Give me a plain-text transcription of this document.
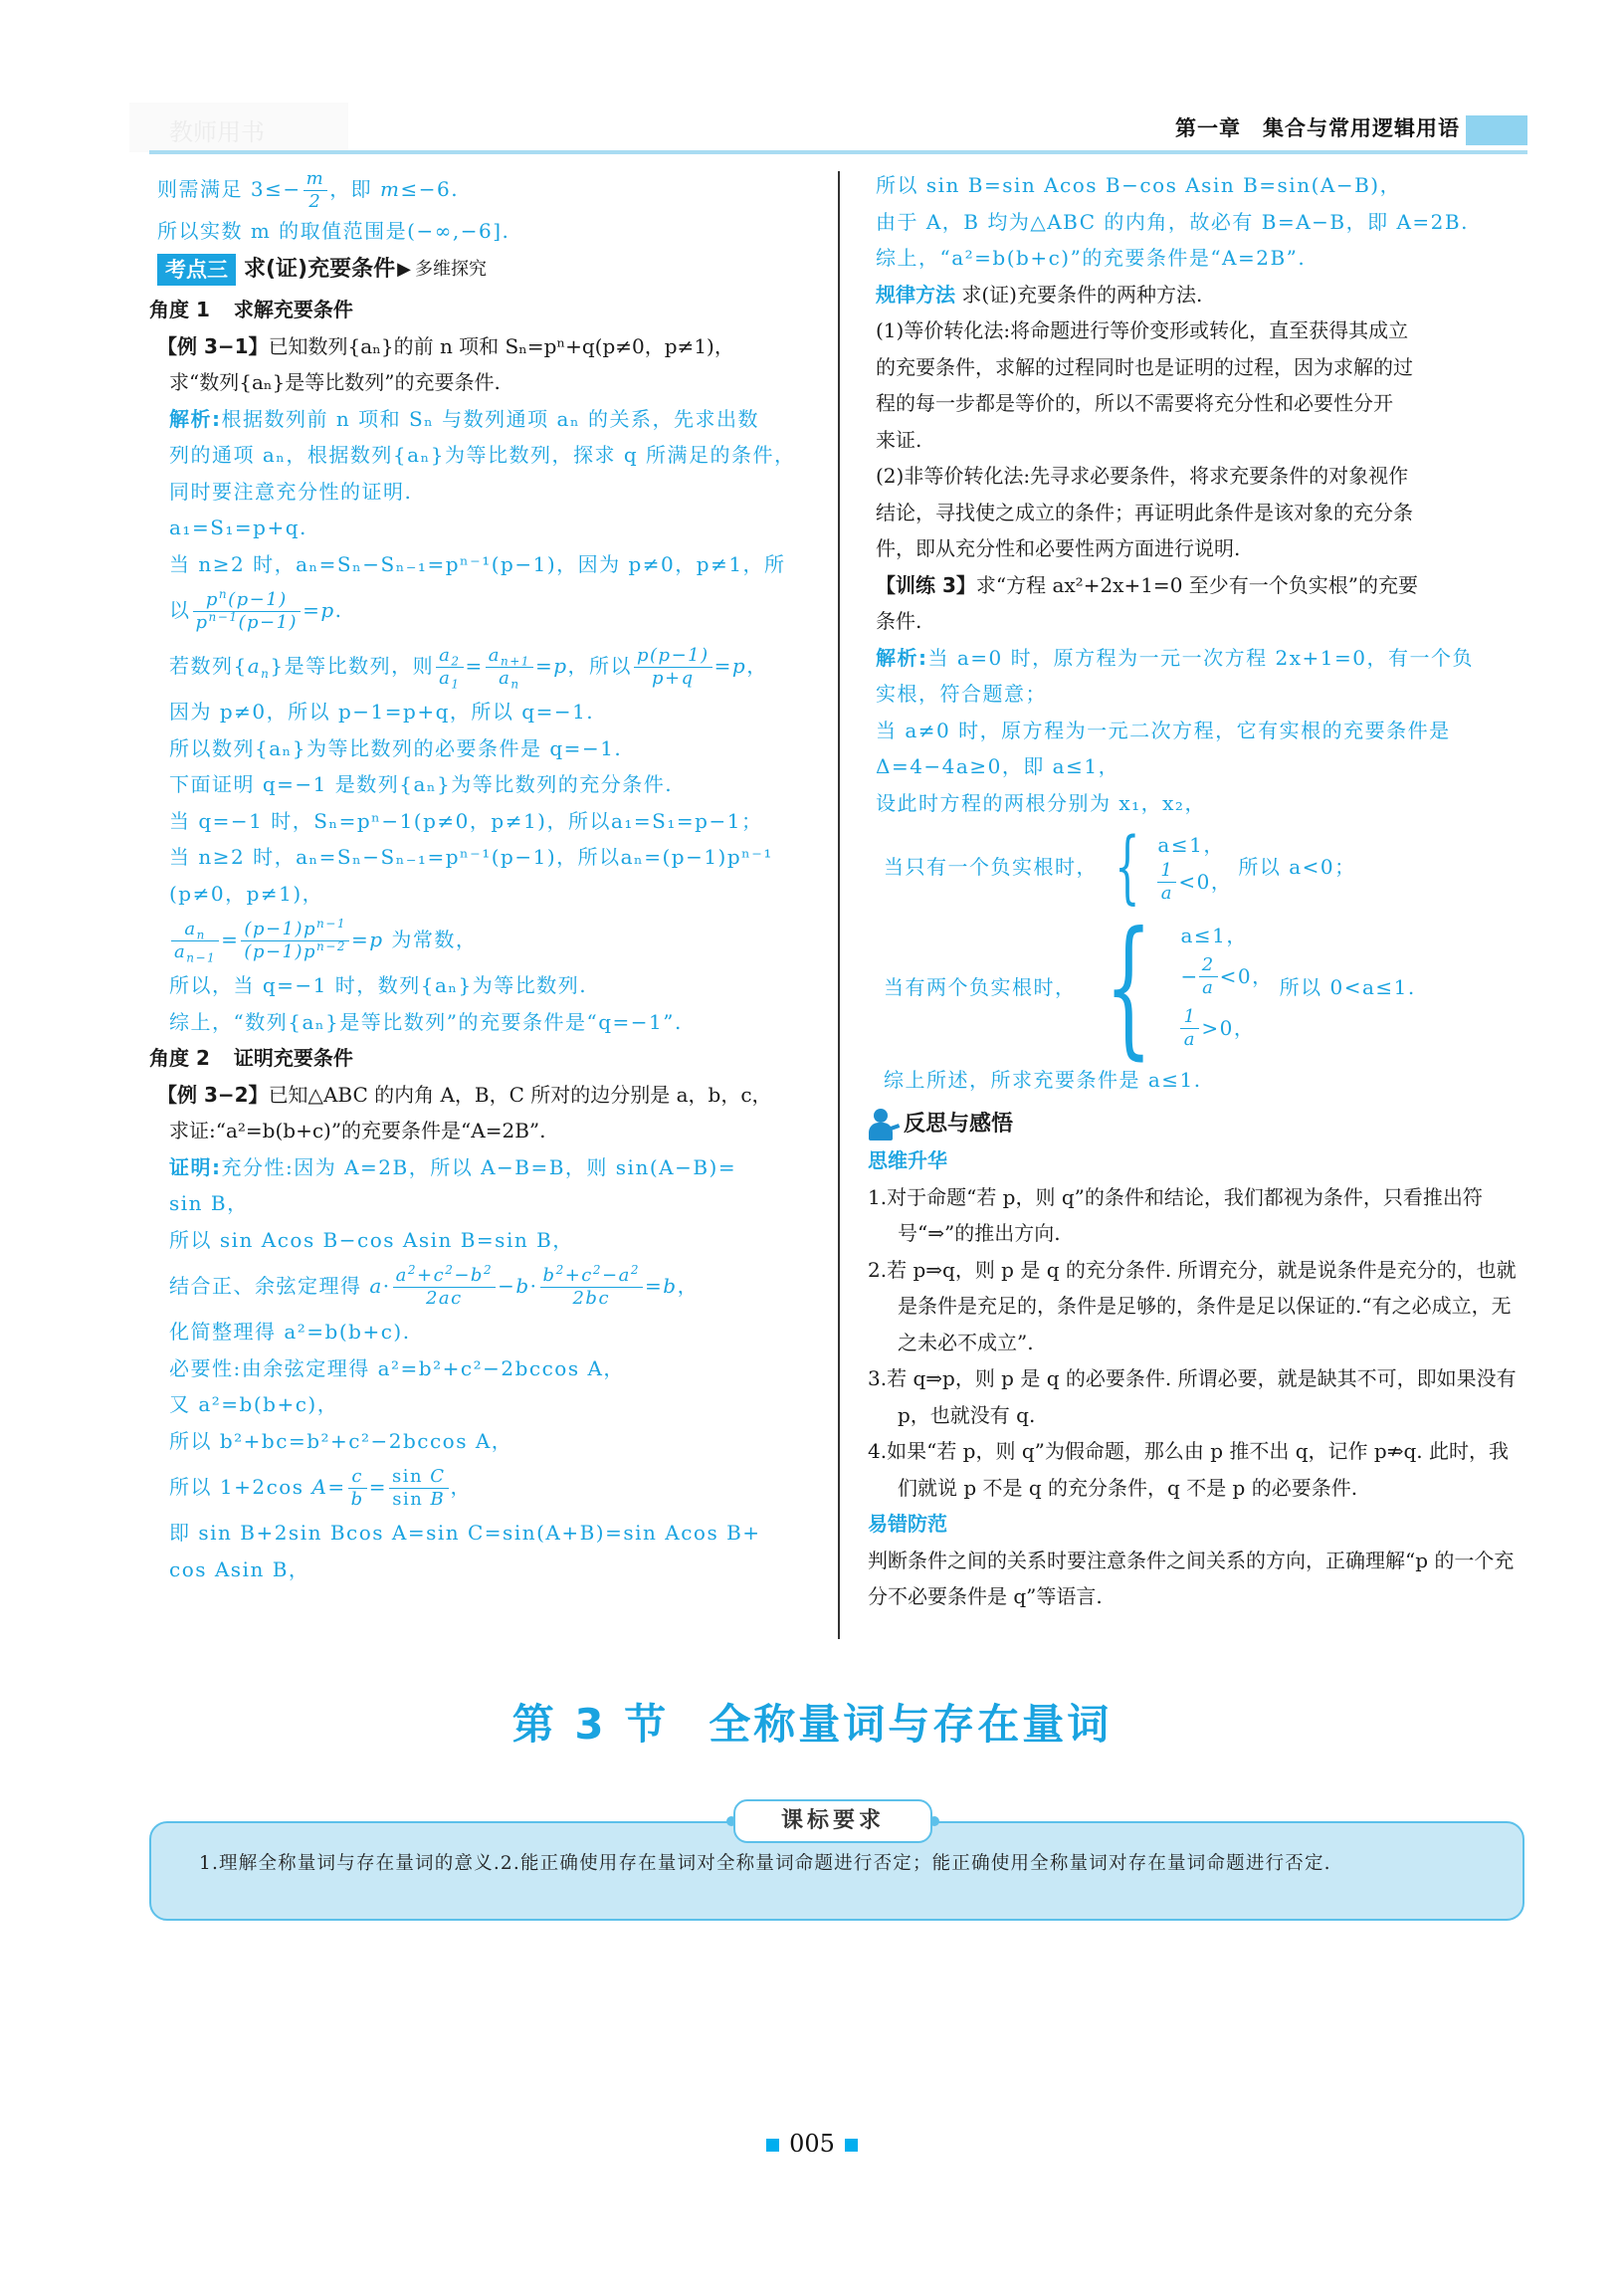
教师用书	第一章 集合与常用逻辑用语
则需满足 $3\le- \frac{m}{2}$ ，即 m≤−6.
所以实数 m 的取值范围是(−∞,−6].
考点三 求(证)充要条件 ▶ 多维探究
角度 1 求解充要条件
【例 3−1】已知数列{aₙ}的前 n 项和 Sₙ=pⁿ+q(p≠0，p≠1)，
求“数列{aₙ}是等比数列”的充要条件.
解析:根据数列前 n 项和 Sₙ 与数列通项 aₙ 的关系，先求出数
列的通项 aₙ，根据数列{aₙ}为等比数列，探求 q 所满足的条件，
同时要注意充分性的证明.
a₁=S₁=p+q.
当 n≥2 时，aₙ=Sₙ−Sₙ₋₁=pⁿ⁻¹(p−1)，因为 p≠0，p≠1，所
以 $\frac{p^n(p-1)}{p^{n-1}(p-1)} =p$.
若数列$\{a_n\}$是等比数列，则 $\frac{a_2}{a_1} = \frac{a_{n+1}}{a_n} =p$，所以 $\frac{p(p-1)}{p+q} =p$，
因为 p≠0，所以 p−1=p+q，所以 q=−1.
所以数列{aₙ}为等比数列的必要条件是 q=−1.
下面证明 q=−1 是数列{aₙ}为等比数列的充分条件.
当 q=−1 时，Sₙ=pⁿ−1(p≠0，p≠1)，所以a₁=S₁=p−1；
当 n≥2 时，aₙ=Sₙ−Sₙ₋₁=pⁿ⁻¹(p−1)，所以aₙ=(p−1)pⁿ⁻¹
(p≠0，p≠1)，
$\frac{a_n}{a_{n-1}} = \frac{(p-1)p^{n-1}}{(p-1)p^{n-2}} =p$ 为常数，
所以，当 q=−1 时，数列{aₙ}为等比数列.
综上，“数列{aₙ}是等比数列”的充要条件是“q=−1”.
角度 2 证明充要条件
【例 3−2】已知△ABC 的内角 A，B，C 所对的边分别是 a，b，c，
求证:“a²=b(b+c)”的充要条件是“A=2B”.
证明:充分性:因为 A=2B，所以 A−B=B，则 sin(A−B)=
sin B，
所以 sin Acos B−cos Asin B=sin B，
结合正、余弦定理得 $a\cdot \frac{a^2+c^2-b^2}{2ac} -b\cdot \frac{b^2+c^2-a^2}{2bc} =b$，
化简整理得 a²=b(b+c).
必要性:由余弦定理得 a²=b²+c²−2bccos A，
又 a²=b(b+c)，
所以 b²+bc=b²+c²−2bccos A，
所以 1+2cos $A= \frac{c}{b} = \frac{\text{sin C}}{\text{sin B}}$ ，
即 sin B+2sin Bcos A=sin C=sin(A+B)=sin Acos B+
cos Asin B，
所以 sin B=sin Acos B−cos Asin B=sin(A−B)，
由于 A，B 均为△ABC 的内角，故必有 B=A−B，即 A=2B.
综上，“a²=b(b+c)”的充要条件是“A=2B”.
规律方法 求(证)充要条件的两种方法.
(1)等价转化法:将命题进行等价变形或转化，直至获得其成立
的充要条件，求解的过程同时也是证明的过程，因为求解的过
程的每一步都是等价的，所以不需要将充分性和必要性分开
来证.
(2)非等价转化法:先寻求必要条件，将求充要条件的对象视作
结论，寻找使之成立的条件；再证明此条件是该对象的充分条
件，即从充分性和必要性两方面进行说明.
【训练 3】求“方程 ax²+2x+1=0 至少有一个负实根”的充要
条件.
解析:当 a=0 时，原方程为一元一次方程 2x+1=0，有一个负
实根，符合题意；
当 a≠0 时，原方程为一元二次方程，它有实根的充要条件是
Δ=4−4a≥0，即 a≤1，
设此时方程的两根分别为 x₁，x₂，
当只有一个负实根时， { a≤1，
$\frac{1}{a} <0$，
所以 a<0；
当有两个负实根时， { a≤1，
− $\frac{2}{a} <0$，
$\frac{1}{a} >0$，
所以 0<a≤1.
综上所述，所求充要条件是 a≤1.
反思与感悟
思维升华
1.对于命题“若 p，则 q”的条件和结论，我们都视为条件，只看推出符号“⇒”的推出方向.
2.若 p⇒q，则 p 是 q 的充分条件. 所谓充分，就是说条件是充分的，也就是条件是充足的，条件是足够的，条件是足以保证的.“有之必成立，无之未必不成立”.
3.若 q⇒p，则 p 是 q 的必要条件. 所谓必要，就是缺其不可，即如果没有 p，也就没有 q.
4.如果“若 p，则 q”为假命题，那么由 p 推不出 q，记作 p⇏q. 此时，我们就说 p 不是 q 的充分条件，q 不是 p 的必要条件.
易错防范
判断条件之间的关系时要注意条件之间关系的方向，正确理解“p 的一个充分不必要条件是 q”等语言.
第 3 节 全称量词与存在量词
课标要求
1.理解全称量词与存在量词的意义.2.能正确使用存在量词对全称量词命题进行否定；能正确使用全称量词对存在量词命题进行否定.
005
